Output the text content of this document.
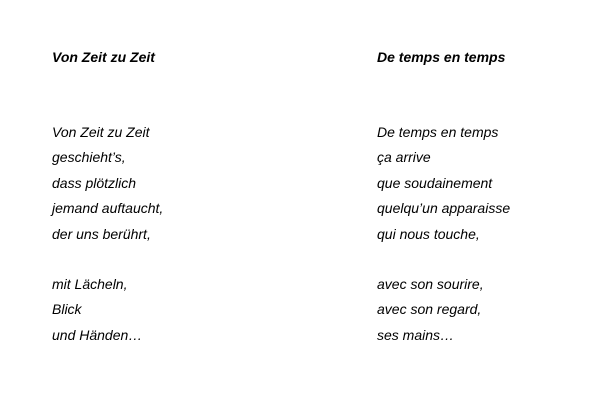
Von Zeit zu Zeit
Von Zeit zu Zeit
geschieht’s,
dass plötzlich
jemand auftaucht,
der uns berührt,
mit Lächeln,
Blick
und Händen…
De temps en temps
De temps en temps
ça arrive
que soudainement
quelqu’un apparaisse
qui nous touche,
avec son sourire,
avec son regard,
ses mains…
